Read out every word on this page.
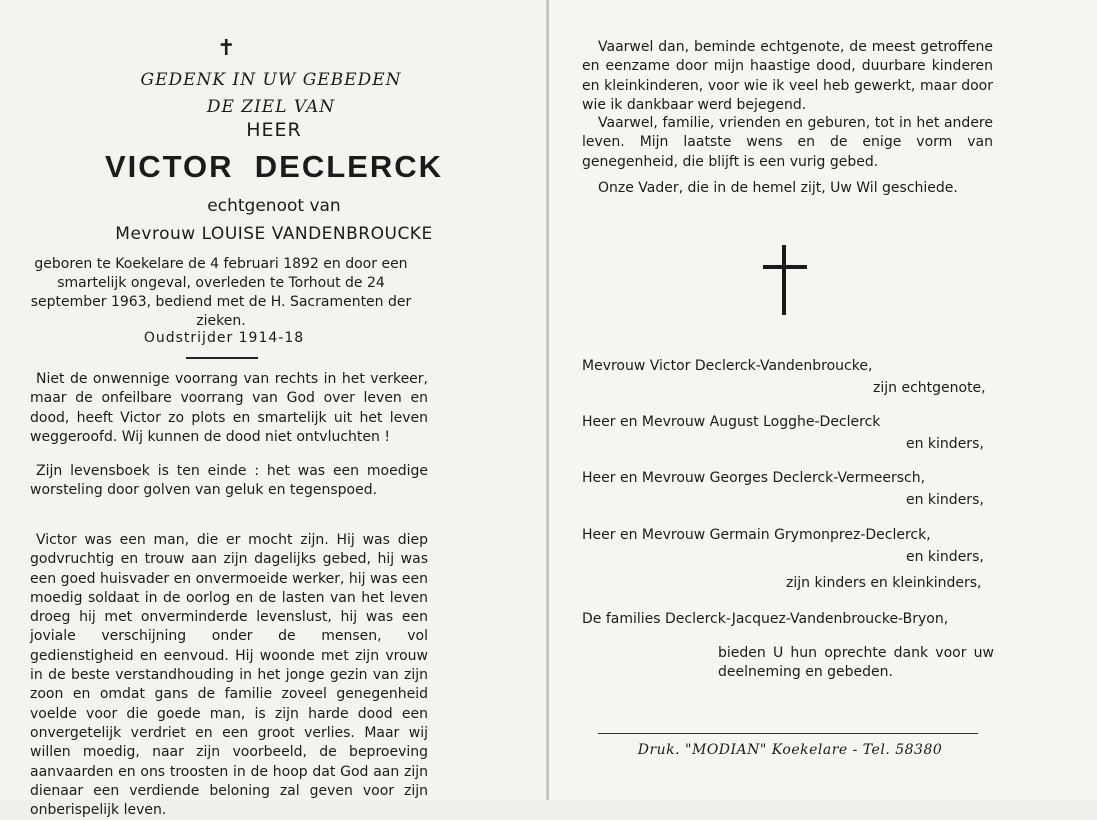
✝
GEDENK IN UW GEBEDEN
DE ZIEL VAN
HEER
VICTOR  DECLERCK
echtgenoot van
Mevrouw LOUISE VANDENBROUCKE

geboren te Koekelare de 4 februari 1892 en door een smartelijk ongeval, overleden te Torhout de 24 september 1963, bediend met de H. Sacramenten der zieken.

Oudstrijder 1914-18

Niet de onwennige voorrang van rechts in het verkeer, maar de onfeilbare voorrang van God over leven en dood, heeft Victor zo plots en smartelijk uit het leven weggeroofd. Wij kunnen de dood niet ontvluchten !

Zijn levensboek is ten einde : het was een moedige worsteling door golven van geluk en tegenspoed.

Victor was een man, die er mocht zijn. Hij was diep godvruchtig en trouw aan zijn dagelijks gebed, hij was een goed huisvader en onvermoeide werker, hij was een moedig soldaat in de oorlog en de lasten van het leven droeg hij met onverminderde levenslust, hij was een joviale verschijning onder de mensen, vol gedienstigheid en eenvoud. Hij woonde met zijn vrouw in de beste verstandhouding in het jonge gezin van zijn zoon en omdat gans de familie zoveel genegenheid voelde voor die goede man, is zijn harde dood een onvergetelijk verdriet en een groot verlies. Maar wij willen moedig, naar zijn voorbeeld, de beproeving aanvaarden en ons troosten in de hoop dat God aan zijn dienaar een verdiende beloning zal geven voor zijn onberispelijk leven.

Vaarwel dan, beminde echtgenote, de meest getroffene en eenzame door mijn haastige dood, duurbare kinderen en kleinkinderen, voor wie ik veel heb gewerkt, maar door wie ik dankbaar werd bejegend.

Vaarwel, familie, vrienden en geburen, tot in het andere leven. Mijn laatste wens en de enige vorm van genegenheid, die blijft is een vurig gebed.

Onze Vader, die in de hemel zijt, Uw Wil geschiede.

Mevrouw Victor Declerck-Vandenbroucke,
zijn echtgenote,
Heer en Mevrouw August Logghe-Declerck
en kinders,
Heer en Mevrouw Georges Declerck-Vermeersch,
en kinders,
Heer en Mevrouw Germain Grymonprez-Declerck,
en kinders,
zijn kinders en kleinkinders,
De families Declerck-Jacquez-Vandenbroucke-Bryon,

bieden U hun oprechte dank voor uw deelneming en gebeden.

Druk. "MODIAN" Koekelare - Tel. 58380
